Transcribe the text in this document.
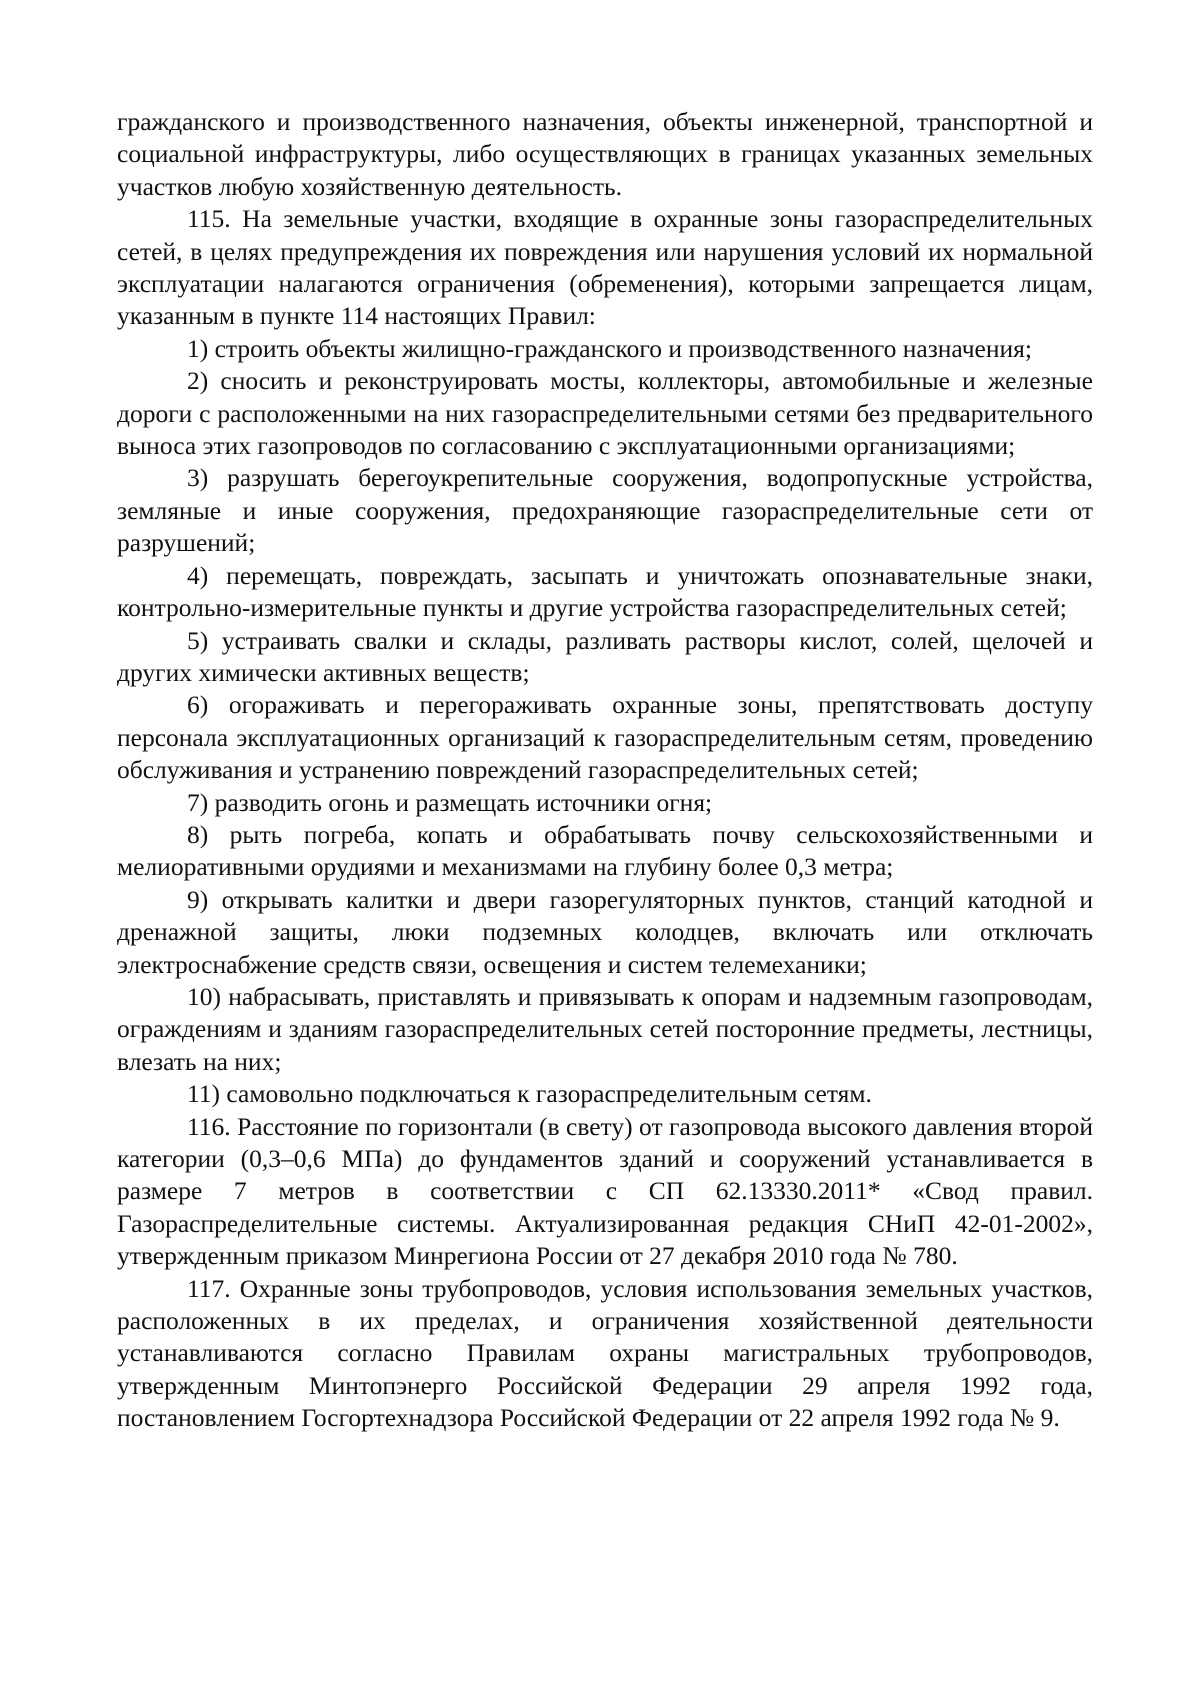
гражданского и производственного назначения, объекты инженерной, транспортной и социальной инфраструктуры, либо осуществляющих в границах указанных земельных участков любую хозяйственную деятельность.

115. На земельные участки, входящие в охранные зоны газораспределительных сетей, в целях предупреждения их повреждения или нарушения условий их нормальной эксплуатации налагаются ограничения (обременения), которыми запрещается лицам, указанным в пункте 114 настоящих Правил:

1) строить объекты жилищно-гражданского и производственного назначения;

2) сносить и реконструировать мосты, коллекторы, автомобильные и железные дороги с расположенными на них газораспределительными сетями без предварительного выноса этих газопроводов по согласованию с эксплуатационными организациями;

3) разрушать берегоукрепительные сооружения, водопропускные устройства, земляные и иные сооружения, предохраняющие газораспределительные сети от разрушений;

4) перемещать, повреждать, засыпать и уничтожать опознавательные знаки, контрольно-измерительные пункты и другие устройства газораспределительных сетей;

5) устраивать свалки и склады, разливать растворы кислот, солей, щелочей и других химически активных веществ;

6) огораживать и перегораживать охранные зоны, препятствовать доступу персонала эксплуатационных организаций к газораспределительным сетям, проведению обслуживания и устранению повреждений газораспределительных сетей;

7) разводить огонь и размещать источники огня;

8) рыть погреба, копать и обрабатывать почву сельскохозяйственными и мелиоративными орудиями и механизмами на глубину более 0,3 метра;

9) открывать калитки и двери газорегуляторных пунктов, станций катодной и дренажной защиты, люки подземных колодцев, включать или отключать электроснабжение средств связи, освещения и систем телемеханики;

10) набрасывать, приставлять и привязывать к опорам и надземным газопроводам, ограждениям и зданиям газораспределительных сетей посторонние предметы, лестницы, влезать на них;

11) самовольно подключаться к газораспределительным сетям.

116. Расстояние по горизонтали (в свету) от газопровода высокого давления второй категории (0,3–0,6 МПа) до фундаментов зданий и сооружений устанавливается в размере 7 метров в соответствии с СП 62.13330.2011* «Свод правил. Газораспределительные системы. Актуализированная редакция СНиП 42-01-2002», утвержденным приказом Минрегиона России от 27 декабря 2010 года № 780.

117. Охранные зоны трубопроводов, условия использования земельных участков, расположенных в их пределах, и ограничения хозяйственной деятельности устанавливаются согласно Правилам охраны магистральных трубопроводов, утвержденным Минтопэнерго Российской Федерации 29 апреля 1992 года, постановлением Госгортехнадзора Российской Федерации от 22 апреля 1992 года № 9.
